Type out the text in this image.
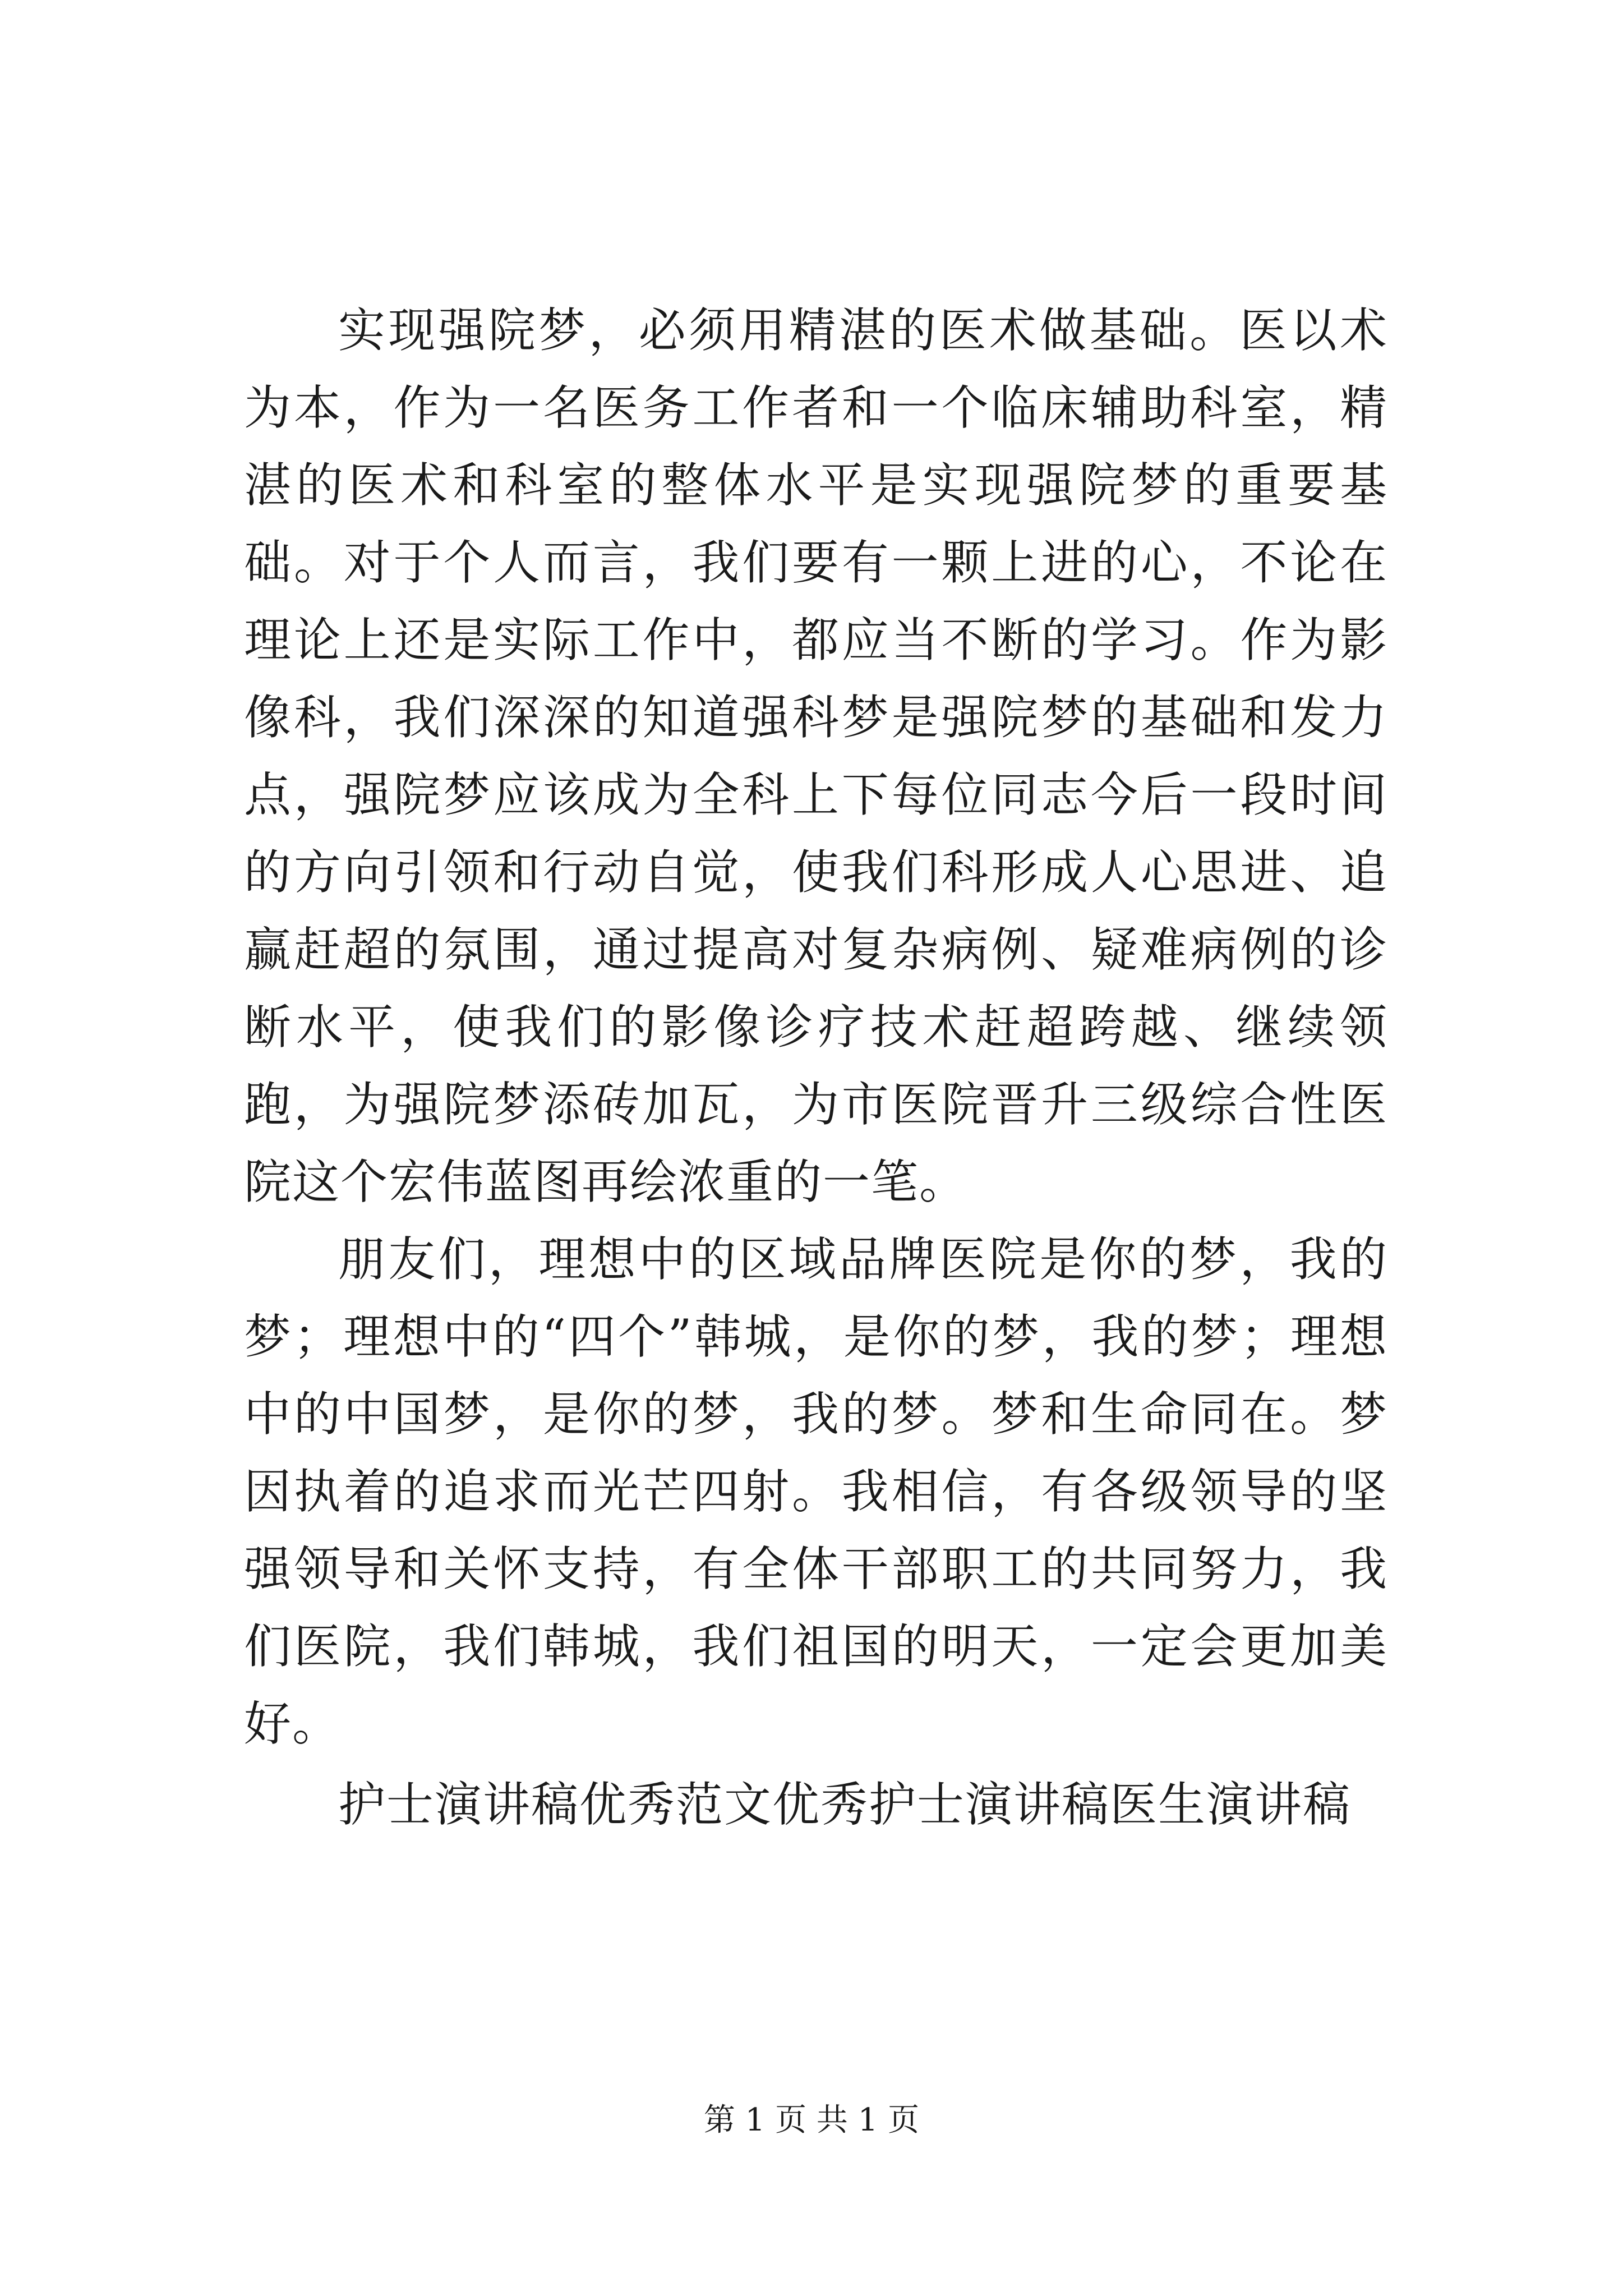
实现强院梦，必须用精湛的医术做基础。医以术为本，作为一名医务工作者和一个临床辅助科室，精湛的医术和科室的整体水平是实现强院梦的重要基础。对于个人而言，我们要有一颗上进的心，不论在理论上还是实际工作中，都应当不断的学习。作为影像科，我们深深的知道强科梦是强院梦的基础和发力点，强院梦应该成为全科上下每位同志今后一段时间的方向引领和行动自觉，使我们科形成人心思进、追赢赶超的氛围，通过提高对复杂病例、疑难病例的诊断水平，使我们的影像诊疗技术赶超跨越、继续领跑，为强院梦添砖加瓦，为市医院晋升三级综合性医院这个宏伟蓝图再绘浓重的一笔。

朋友们，理想中的区域品牌医院是你的梦，我的梦；理想中的“四个”韩城，是你的梦，我的梦；理想中的中国梦，是你的梦，我的梦。梦和生命同在。梦因执着的追求而光芒四射。我相信，有各级领导的坚强领导和关怀支持，有全体干部职工的共同努力，我们医院，我们韩城，我们祖国的明天，一定会更加美好。

护士演讲稿优秀范文优秀护士演讲稿医生演讲稿

第 1 页 共 1 页
